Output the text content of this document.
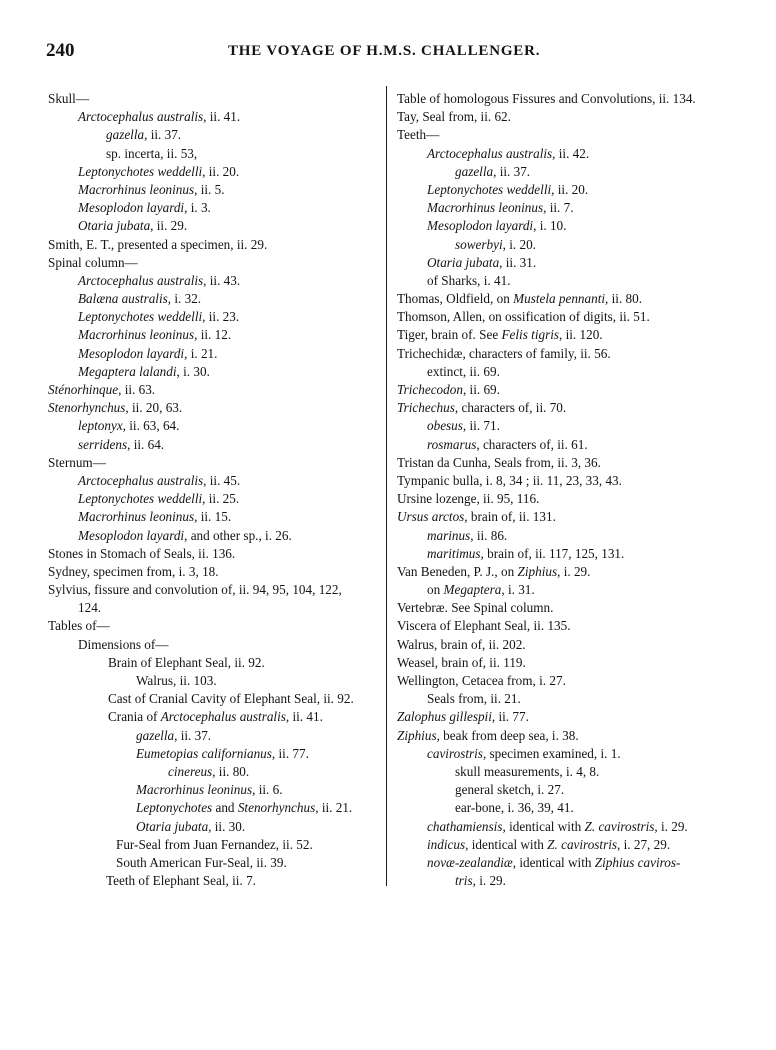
240	THE VOYAGE OF H.M.S. CHALLENGER.
Skull—
Arctocephalus australis, ii. 41.
gazella, ii. 37.
sp. incerta, ii. 53,
Leptonychotes weddelli, ii. 20.
Macrorhinus leoninus, ii. 5.
Mesoplodon layardi, i. 3.
Otaria jubata, ii. 29.
Smith, E. T., presented a specimen, ii. 29.
Spinal column—
Arctocephalus australis, ii. 43.
Balæna australis, i. 32.
Leptonychotes weddelli, ii. 23.
Macrorhinus leoninus, ii. 12.
Mesoplodon layardi, i. 21.
Megaptera lalandi, i. 30.
Sténorhinque, ii. 63.
Stenorhynchus, ii. 20, 63.
leptonyx, ii. 63, 64.
serridens, ii. 64.
Sternum—
Arctocephalus australis, ii. 45.
Leptonychotes weddelli, ii. 25.
Macrorhinus leoninus, ii. 15.
Mesoplodon layardi, and other sp., i. 26.
Stones in Stomach of Seals, ii. 136.
Sydney, specimen from, i. 3, 18.
Sylvius, fissure and convolution of, ii. 94, 95, 104, 122,
124.
Tables of—
Dimensions of—
Brain of Elephant Seal, ii. 92.
Walrus, ii. 103.
Cast of Cranial Cavity of Elephant Seal, ii. 92.
Crania of Arctocephalus australis, ii. 41.
gazella, ii. 37.
Eumetopias californianus, ii. 77.
cinereus, ii. 80.
Macrorhinus leoninus, ii. 6.
Leptonychotes and Stenorhynchus, ii. 21.
Otaria jubata, ii. 30.
Fur-Seal from Juan Fernandez, ii. 52.
South American Fur-Seal, ii. 39.
Teeth of Elephant Seal, ii. 7.
Table of homologous Fissures and Convolutions, ii. 134.
Tay, Seal from, ii. 62.
Teeth—
Arctocephalus australis, ii. 42.
gazella, ii. 37.
Leptonychotes weddelli, ii. 20.
Macrorhinus leoninus, ii. 7.
Mesoplodon layardi, i. 10.
sowerbyi, i. 20.
Otaria jubata, ii. 31.
of Sharks, i. 41.
Thomas, Oldfield, on Mustela pennanti, ii. 80.
Thomson, Allen, on ossification of digits, ii. 51.
Tiger, brain of. See Felis tigris, ii. 120.
Trichechidæ, characters of family, ii. 56.
extinct, ii. 69.
Trichecodon, ii. 69.
Trichechus, characters of, ii. 70.
obesus, ii. 71.
rosmarus, characters of, ii. 61.
Tristan da Cunha, Seals from, ii. 3, 36.
Tympanic bulla, i. 8, 34 ; ii. 11, 23, 33, 43.
Ursine lozenge, ii. 95, 116.
Ursus arctos, brain of, ii. 131.
marinus, ii. 86.
maritimus, brain of, ii. 117, 125, 131.
Van Beneden, P. J., on Ziphius, i. 29.
on Megaptera, i. 31.
Vertebræ. See Spinal column.
Viscera of Elephant Seal, ii. 135.
Walrus, brain of, ii. 202.
Weasel, brain of, ii. 119.
Wellington, Cetacea from, i. 27.
Seals from, ii. 21.
Zalophus gillespii, ii. 77.
Ziphius, beak from deep sea, i. 38.
cavirostris, specimen examined, i. 1.
skull measurements, i. 4, 8.
general sketch, i. 27.
ear-bone, i. 36, 39, 41.
chathamiensis, identical with Z. cavirostris, i. 29.
indicus, identical with Z. cavirostris, i. 27, 29.
novæ-zealandiæ, identical with Ziphius caviros-
tris, i. 29.
